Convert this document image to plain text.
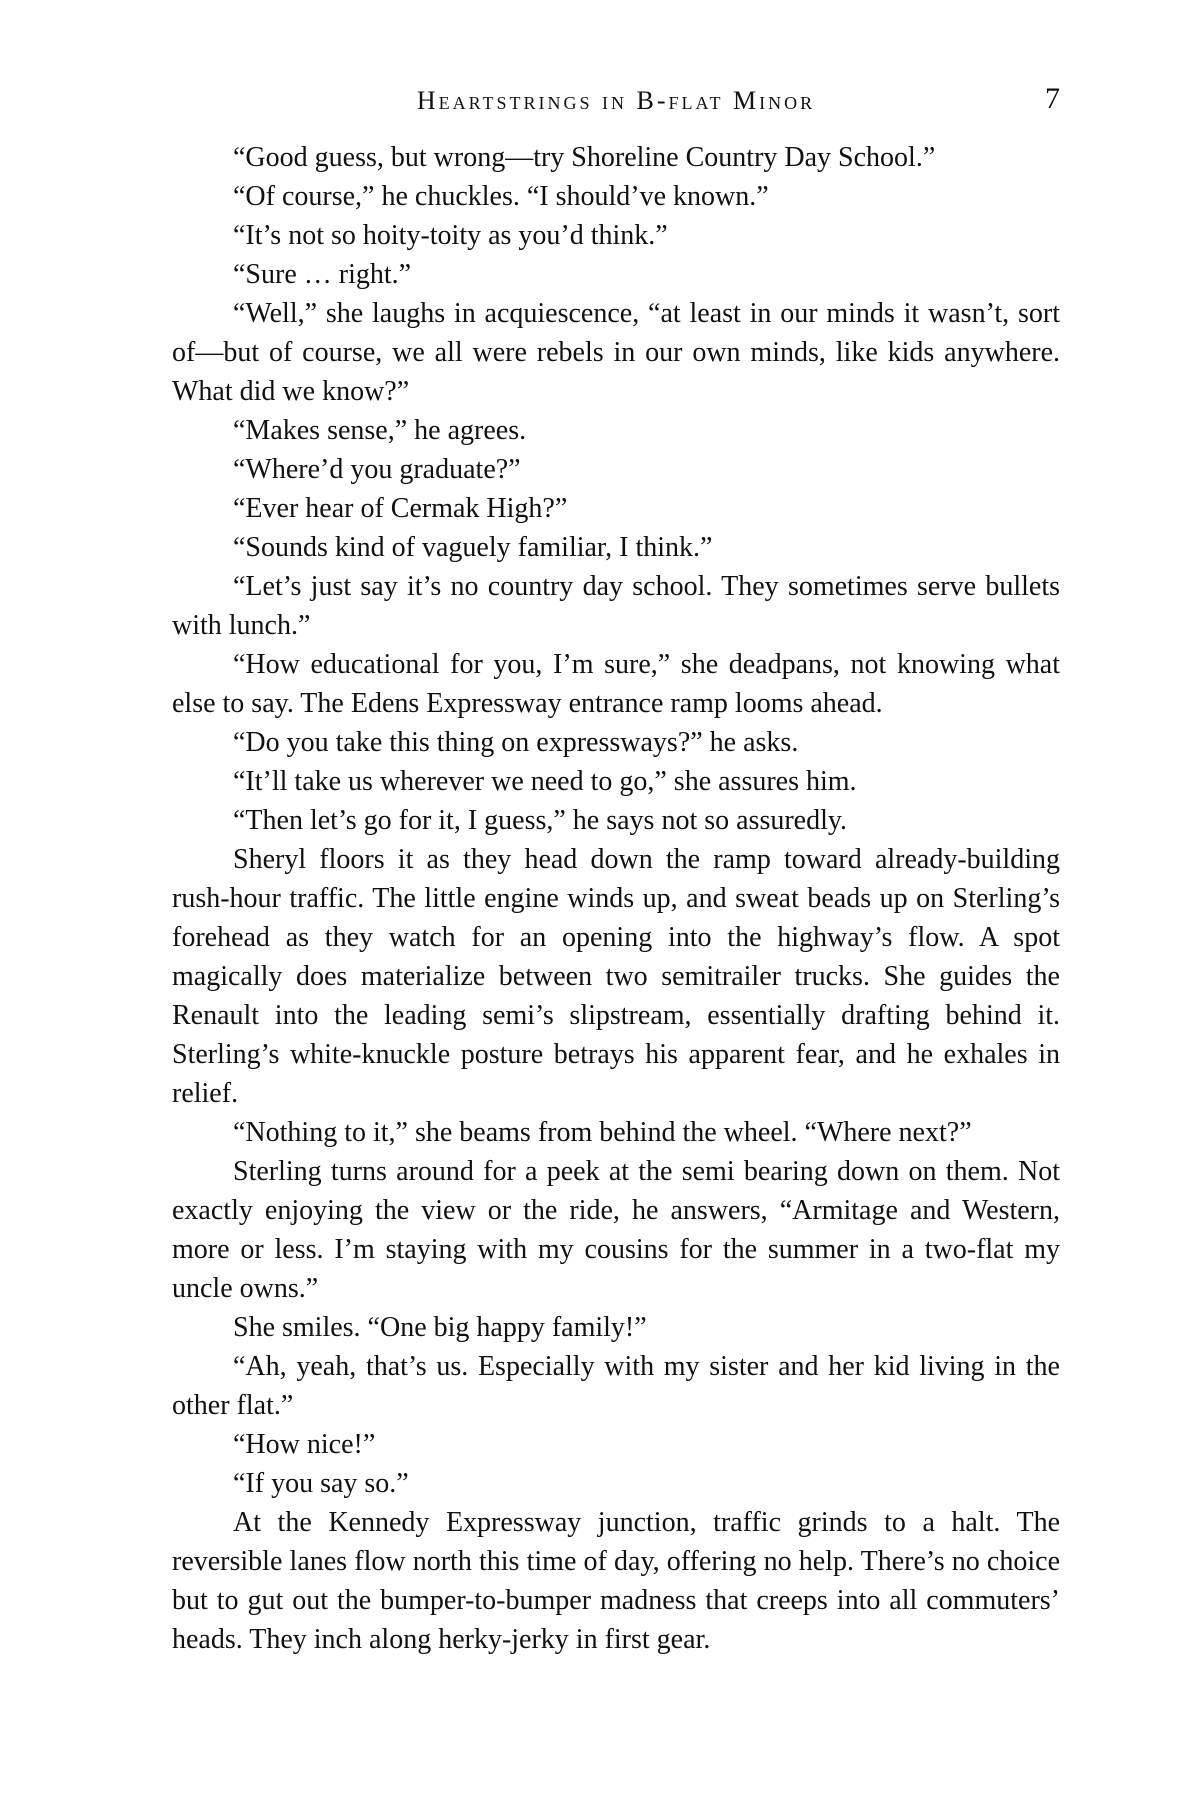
Heartstrings in B-flat Minor	7

“Good guess, but wrong—try Shoreline Country Day School.”

“Of course,” he chuckles. “I should’ve known.”

“It’s not so hoity-toity as you’d think.”

“Sure … right.”

“Well,” she laughs in acquiescence, “at least in our minds it wasn’t, sort of—but of course, we all were rebels in our own minds, like kids anywhere. What did we know?”

“Makes sense,” he agrees.

“Where’d you graduate?”

“Ever hear of Cermak High?”

“Sounds kind of vaguely familiar, I think.”

“Let’s just say it’s no country day school. They sometimes serve bullets with lunch.”

“How educational for you, I’m sure,” she deadpans, not knowing what else to say. The Edens Expressway entrance ramp looms ahead.

“Do you take this thing on expressways?” he asks.

“It’ll take us wherever we need to go,” she assures him.

“Then let’s go for it, I guess,” he says not so assuredly.

Sheryl floors it as they head down the ramp toward already-building rush-hour traffic. The little engine winds up, and sweat beads up on Sterling’s forehead as they watch for an opening into the highway’s flow. A spot magically does materialize between two semitrailer trucks. She guides the Renault into the leading semi’s slipstream, essentially drafting behind it. Sterling’s white-knuckle posture betrays his apparent fear, and he exhales in relief.

“Nothing to it,” she beams from behind the wheel. “Where next?”

Sterling turns around for a peek at the semi bearing down on them. Not exactly enjoying the view or the ride, he answers, “Armitage and Western, more or less. I’m staying with my cousins for the summer in a two-flat my uncle owns.”

She smiles. “One big happy family!”

“Ah, yeah, that’s us. Especially with my sister and her kid living in the other flat.”

“How nice!”

“If you say so.”

At the Kennedy Expressway junction, traffic grinds to a halt. The reversible lanes flow north this time of day, offering no help. There’s no choice but to gut out the bumper-to-bumper madness that creeps into all commuters’ heads. They inch along herky-jerky in first gear.
